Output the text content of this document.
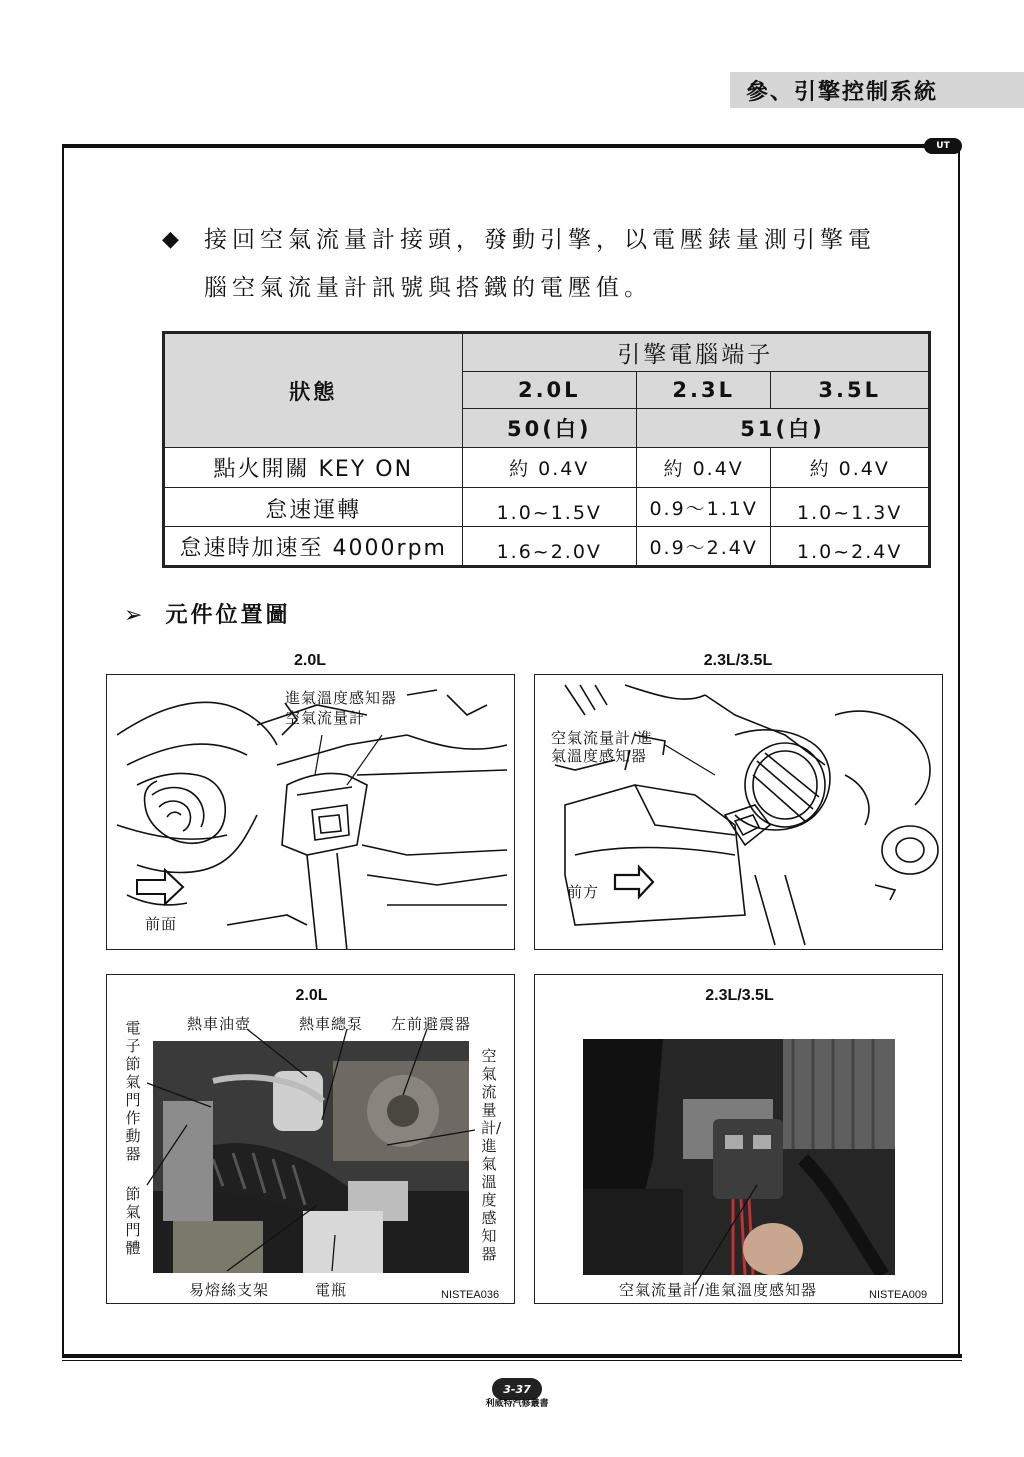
參、引擎控制系統
UT
◆ 接回空氣流量計接頭，發動引擎，以電壓錶量測引擎電
腦空氣流量計訊號與搭鐵的電壓值。
狀態	引擎電腦端子		
	2.0L	2.3L	3.5L
	50(白)	51(白)	
點火開關 KEY ON	約 0.4V	約 0.4V	約 0.4V
怠速運轉	1.0~1.5V	0.9～1.1V	1.0~1.3V
怠速時加速至 4000rpm	1.6~2.0V	0.9～2.4V	1.0~2.4V
➢ 元件位置圖
2.0L
進氣溫度感知器
空氣流量計
前面
2.3L/3.5L
空氣流量計/進
氣溫度感知器
前方
2.0L
熱車油壺	熱車總泵 左前避震器
電子節氣門作動器
節氣門體
空氣流量計/進氣溫度感知器
易熔絲支架	電瓶	NISTEA036
2.3L/3.5L
空氣流量計/進氣溫度感知器	NISTEA009
3-37
利威特汽修叢書
